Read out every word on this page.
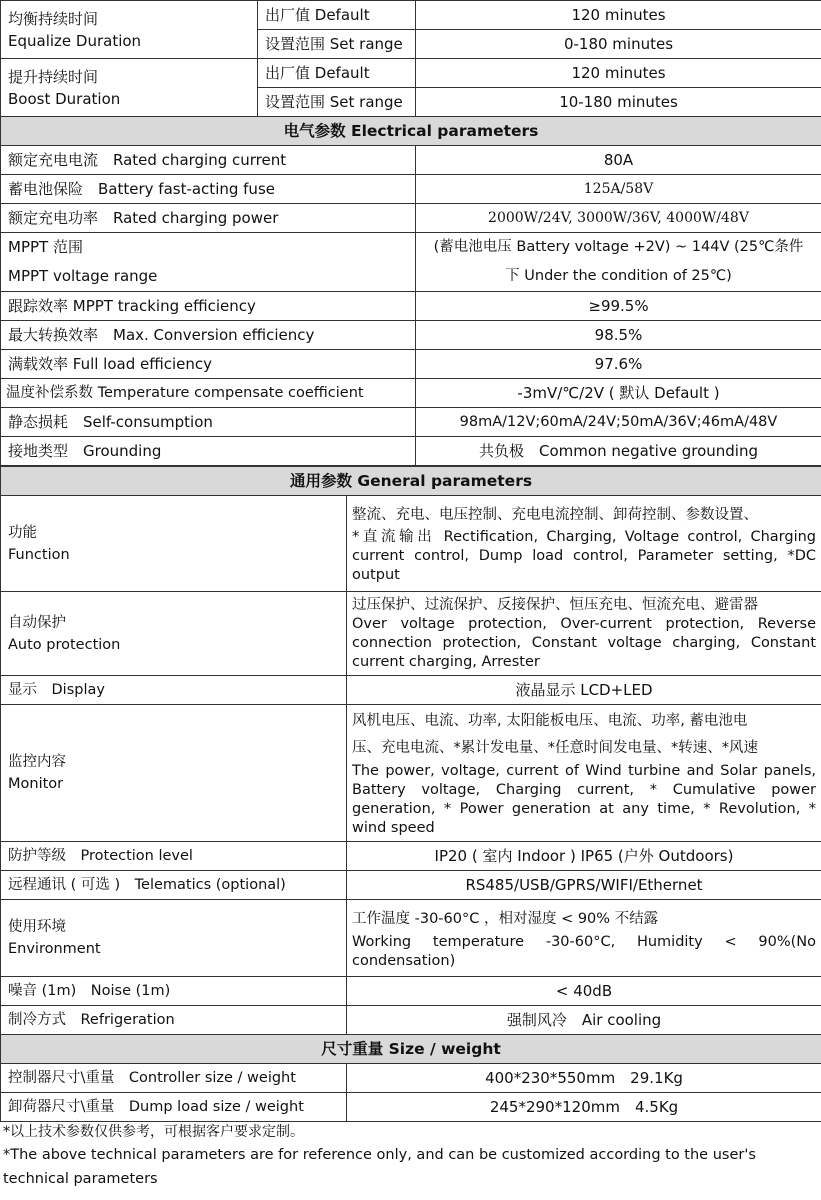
均衡持续时间
Equalize Duration	出厂值 Default	120 minutes
	设置范围 Set range	0-180 minutes

提升持续时间
Boost Duration	出厂值 Default	120 minutes
	设置范围 Set range	10-180 minutes
电气参数 Electrical parameters		
额定充电电流　Rated charging current		80A
蓄电池保险　Battery fast-acting fuse		125A/58V
额定充电功率　Rated charging power		2000W/24V, 3000W/36V, 4000W/48V

MPPT 范围
MPPT voltage range		(蓄电池电压 Battery voltage +2V) ~ 144V (25℃条件
下 Under the condition of 25℃)

跟踪效率 MPPT tracking efficiency		≥99.5%
最大转换效率　Max. Conversion efficiency		98.5%
满载效率 Full load efficiency		97.6%
温度补偿系数 Temperature compensate coefficient		-3mV/℃/2V ( 默认 Default )
静态损耗　Self-consumption		98mA/12V;60mA/24V;50mA/36V;46mA/48V
接地类型　Grounding		共负极　Common negative grounding
通用参数 General parameters	

功能
Function	整流、充电、电压控制、充电电流控制、卸荷控制、参数设置、
*直流输出 Rectification, Charging, Voltage control, Charging current control, Dump load control, Parameter setting, *DC output

自动保护
Auto protection	过压保护、过流保护、反接保护、恒压充电、恒流充电、避雷器
Over voltage protection, Over-current protection, Reverse connection protection, Constant voltage charging, Constant current charging, Arrester
显示　Display	液晶显示 LCD+LED

监控内容
Monitor	风机电压、电流、功率, 太阳能板电压、电流、功率, 蓄电池电
压、充电电流、*累计发电量、*任意时间发电量、*转速、*风速
The power, voltage, current of Wind turbine and Solar panels, Battery voltage, Charging current, * Cumulative power generation, * Power generation at any time, * Revolution, * wind speed
防护等级　Protection level	IP20 ( 室内 Indoor ) IP65 (户外 Outdoors)
远程通讯 ( 可选 )　Telematics (optional)	RS485/USB/GPRS/WIFI/Ethernet

使用环境
Environment	工作温度 -30-60°C ，相对湿度 < 90% 不结露
Working temperature -30-60°C, Humidity < 90%(No condensation)
噪音 (1m)　Noise (1m)	< 40dB
制冷方式　Refrigeration	强制风冷　Air cooling
尺寸重量 Size / weight	
控制器尺寸\重量　Controller size / weight	400*230*550mm　29.1Kg
卸荷器尺寸\重量　Dump load size / weight	245*290*120mm　4.5Kg
*以上技术参数仅供参考，可根据客户要求定制。
*The above technical parameters are for reference only, and can be customized according to the user's technical parameters
